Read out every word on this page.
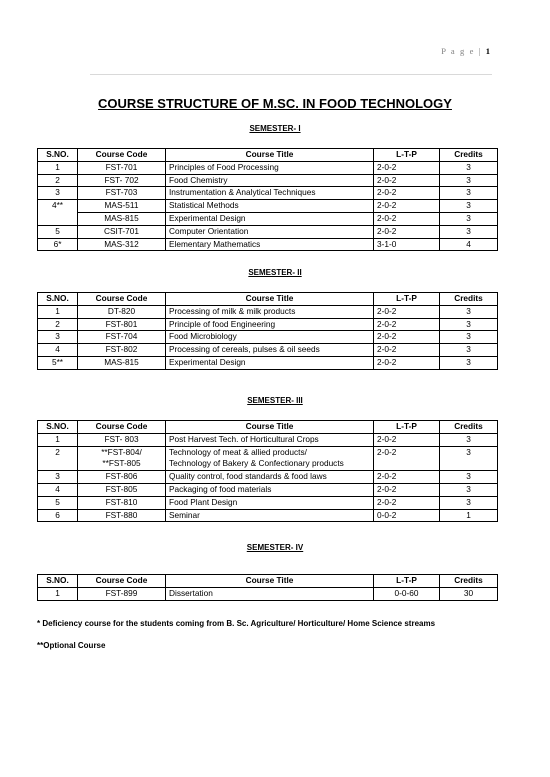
P a g e | 1
COURSE STRUCTURE OF M.SC. IN FOOD TECHNOLOGY
SEMESTER- I
S.NO.	Course Code	Course Title	L-T-P	Credits
1	FST-701	Principles of Food Processing	2-0-2	3
2	FST- 702	Food Chemistry	2-0-2	3
3	FST-703	Instrumentation & Analytical Techniques	2-0-2	3
4**	MAS-511	Statistical Methods	2-0-2	3
	MAS-815	Experimental Design	2-0-2	3
5	CSIT-701	Computer Orientation	2-0-2	3
6*	MAS-312	Elementary Mathematics	3-1-0	4
SEMESTER- II
S.NO.	Course Code	Course Title	L-T-P	Credits
1	DT-820	Processing of milk & milk products	2-0-2	3
2	FST-801	Principle of food Engineering	2-0-2	3
3	FST-704	Food Microbiology	2-0-2	3
4	FST-802	Processing of cereals, pulses & oil seeds	2-0-2	3
5**	MAS-815	Experimental Design	2-0-2	3
SEMESTER- III
S.NO.	Course Code	Course Title	L-T-P	Credits
1	FST- 803	Post Harvest Tech. of Horticultural Crops	2-0-2	3
2	**FST-804/	Technology of meat & allied products/	2-0-2	3
	**FST-805	Technology of Bakery & Confectionary products		
3	FST-806	Quality control, food standards & food laws	2-0-2	3
4	FST-805	Packaging of food materials	2-0-2	3
5	FST-810	Food Plant Design	2-0-2	3
6	FST-880	Seminar	0-0-2	1
SEMESTER- IV
S.NO.	Course Code	Course Title	L-T-P	Credits
1	FST-899	Dissertation	0-0-60	30
* Deficiency course for the students coming from B. Sc. Agriculture/ Horticulture/ Home Science streams
**Optional Course
